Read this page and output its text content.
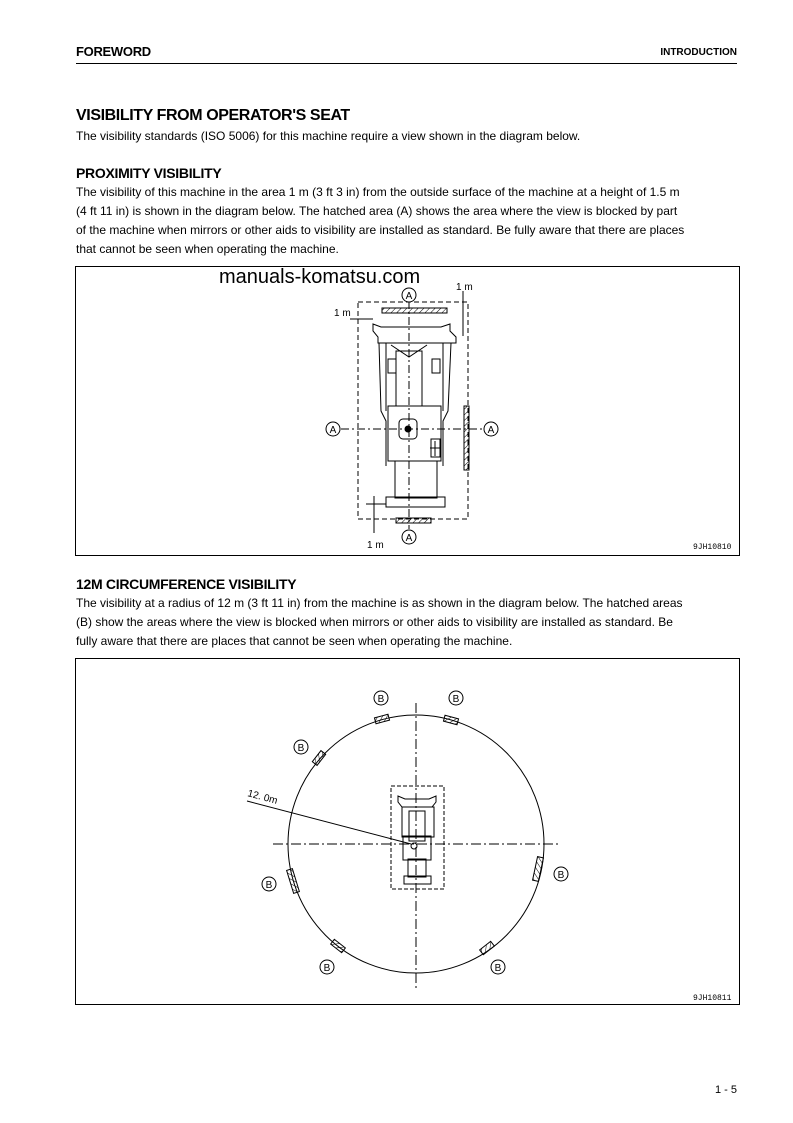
FOREWORD	INTRODUCTION
VISIBILITY FROM OPERATOR'S SEAT
The visibility standards (ISO 5006) for this machine require a view shown in the diagram below.
PROXIMITY VISIBILITY
The visibility of this machine in the area 1 m (3 ft 3 in) from the outside surface of the machine at a height of 1.5 m
(4 ft 11 in) is shown in the diagram below. The hatched area (A) shows the area where the view is blocked by part
of the machine when mirrors or other aids to visibility are installed as standard. Be fully aware that there are places
that cannot be seen when operating the machine.
A
A	A
A
1 m
1 m
1 m
manuals-komatsu.com
9JH10810
12M CIRCUMFERENCE VISIBILITY
The visibility at a radius of 12 m (3 ft 11 in) from the machine is as shown in the diagram below. The hatched areas
(B) show the areas where the view is blocked when mirrors or other aids to visibility are installed as standard. Be
fully aware that there are places that cannot be seen when operating the machine.
B	B
B
B
B
B	B
12. 0m
9JH10811
1 - 5
